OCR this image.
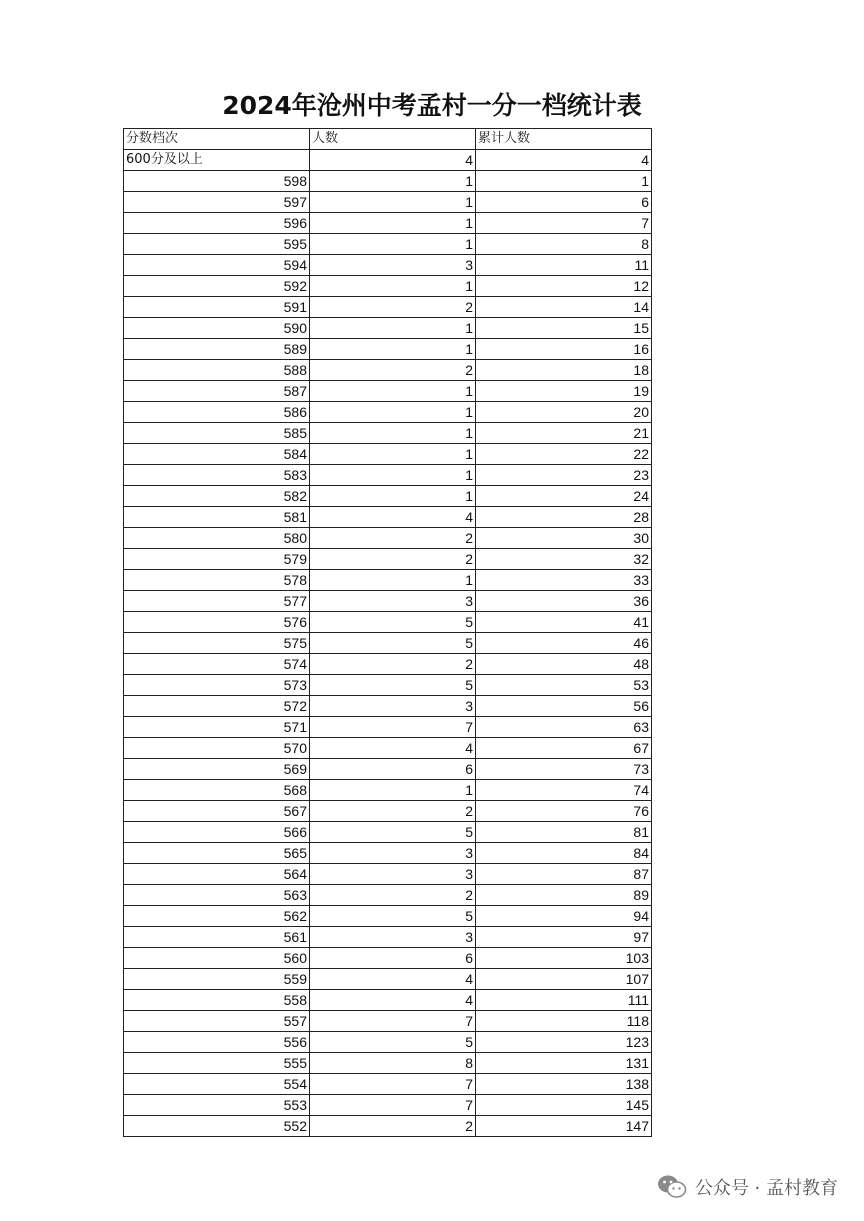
2024年沧州中考孟村一分一档统计表
分数档次	人数	累计人数
600分及以上	4	4
598	1	1
597	1	6
596	1	7
595	1	8
594	3	11
592	1	12
591	2	14
590	1	15
589	1	16
588	2	18
587	1	19
586	1	20
585	1	21
584	1	22
583	1	23
582	1	24
581	4	28
580	2	30
579	2	32
578	1	33
577	3	36
576	5	41
575	5	46
574	2	48
573	5	53
572	3	56
571	7	63
570	4	67
569	6	73
568	1	74
567	2	76
566	5	81
565	3	84
564	3	87
563	2	89
562	5	94
561	3	97
560	6	103
559	4	107
558	4	111
557	7	118
556	5	123
555	8	131
554	7	138
553	7	145
552	2	147
公众号 · 孟村教育
